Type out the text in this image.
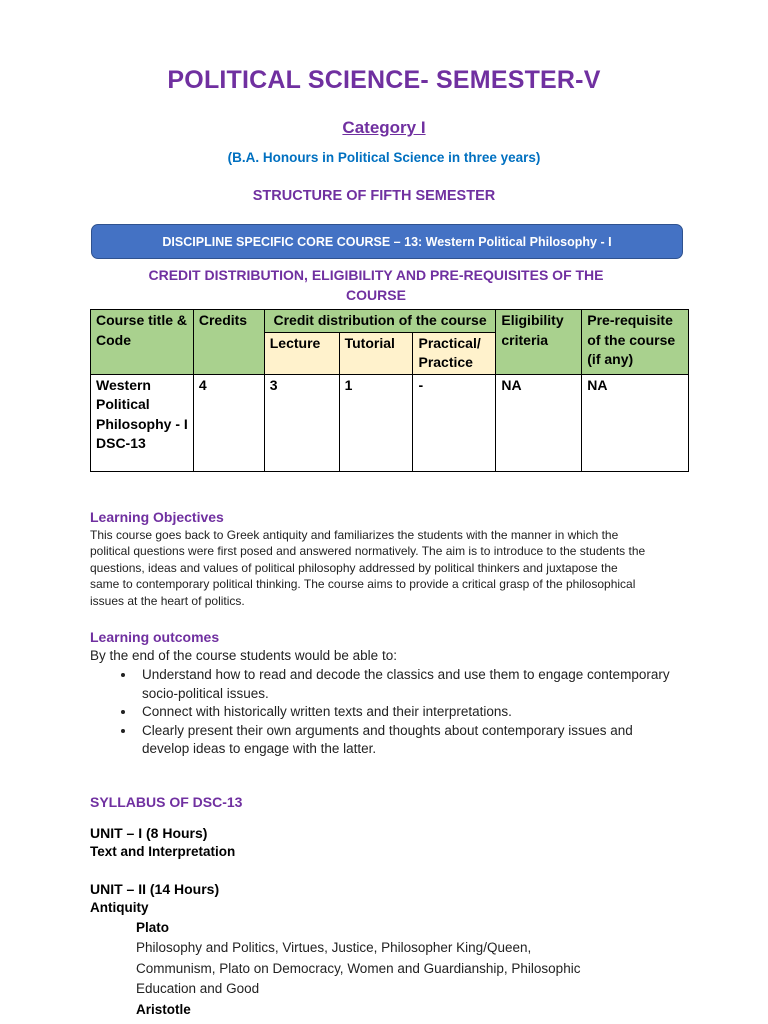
POLITICAL SCIENCE- SEMESTER-V
Category I
(B.A. Honours in Political Science in three years)
STRUCTURE OF FIFTH SEMESTER
DISCIPLINE SPECIFIC CORE COURSE – 13: Western Political Philosophy - I
CREDIT DISTRIBUTION, ELIGIBILITY AND PRE-REQUISITES OF THE
COURSE
Course title & Code	Credits	Credit distribution of the course			Eligibility criteria	Pre-requisite of the course (if any)
		Lecture	Tutorial	Practical/ Practice		

Western Political Philosophy - I
DSC-13	4	3	1	-	NA	NA
Learning Objectives
This course goes back to Greek antiquity and familiarizes the students with the manner in which the political questions were first posed and answered normatively. The aim is to introduce to the students the questions, ideas and values of political philosophy addressed by political thinkers and juxtapose the same to contemporary political thinking. The course aims to provide a critical grasp of the philosophical issues at the heart of politics.
Learning outcomes
By the end of the course students would be able to:
• Understand how to read and decode the classics and use them to engage contemporary socio-political issues.
• Connect with historically written texts and their interpretations.
• Clearly present their own arguments and thoughts about contemporary issues and develop ideas to engage with the latter.
SYLLABUS OF DSC-13
UNIT – I (8 Hours)
Text and Interpretation
UNIT – II (14 Hours)
Antiquity
Plato
Philosophy and Politics, Virtues, Justice, Philosopher King/Queen,
Communism, Plato on Democracy, Women and Guardianship, Philosophic
Education and Good
Aristotle
